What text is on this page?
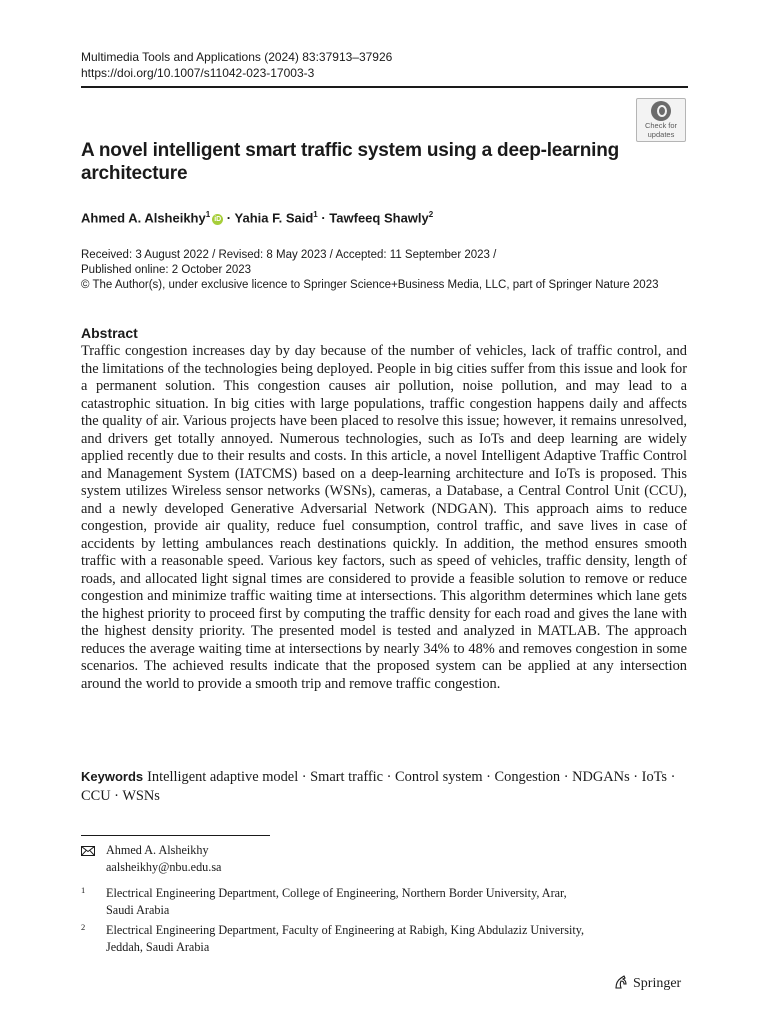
Multimedia Tools and Applications (2024) 83:37913–37926
https://doi.org/10.1007/s11042-023-17003-3
Check for
updates
A novel intelligent smart traffic system using a deep-learning architecture
Ahmed A. Alsheikhy$^1$iD · Yahia F. Said$^1$ · Tawfeeq Shawly$^2$
Received: 3 August 2022 / Revised: 8 May 2023 / Accepted: 11 September 2023 /
Published online: 2 October 2023
© The Author(s), under exclusive licence to Springer Science+Business Media, LLC, part of Springer Nature 2023
Abstract

Traffic congestion increases day by day because of the number of vehicles, lack of traffic control, and the limitations of the technologies being deployed. People in big cities suffer from this issue and look for a permanent solution. This congestion causes air pollution, noise pollution, and may lead to a catastrophic situation. In big cities with large populations, traffic congestion happens daily and affects the quality of air. Various projects have been placed to resolve this issue; however, it remains unresolved, and drivers get totally annoyed. Numerous technologies, such as IoTs and deep learning are widely applied recently due to their results and costs. In this article, a novel Intelligent Adaptive Traffic Control and Management System (IATCMS) based on a deep-learning architecture and IoTs is proposed. This system utilizes Wireless sensor networks (WSNs), cameras, a Database, a Central Control Unit (CCU), and a newly developed Generative Adversarial Network (NDGAN). This approach aims to reduce congestion, provide air quality, reduce fuel consumption, control traffic, and save lives in case of accidents by letting ambulances reach destinations quickly. In addition, the method ensures smooth traffic with a reasonable speed. Various key factors, such as speed of vehicles, traffic density, length of roads, and allocated light signal times are considered to provide a feasible solution to remove or reduce congestion and minimize traffic waiting time at intersections. This algorithm determines which lane gets the highest priority to proceed first by computing the traffic density for each road and gives the lane with the highest density priority. The presented model is tested and analyzed in MATLAB. The approach reduces the average waiting time at intersections by nearly 34% to 48% and removes congestion in some scenarios. The achieved results indicate that the proposed system can be applied at any intersection around the world to provide a smooth trip and remove traffic congestion.

Keywords Intelligent adaptive model · Smart traffic · Control system · Congestion · NDGANs · IoTs · CCU · WSNs
Ahmed A. Alsheikhy
aalsheikhy@nbu.edu.sa
1 Electrical Engineering Department, College of Engineering, Northern Border University, Arar,
Saudi Arabia
2 Electrical Engineering Department, Faculty of Engineering at Rabigh, King Abdulaziz University,
Jeddah, Saudi Arabia
Springer
